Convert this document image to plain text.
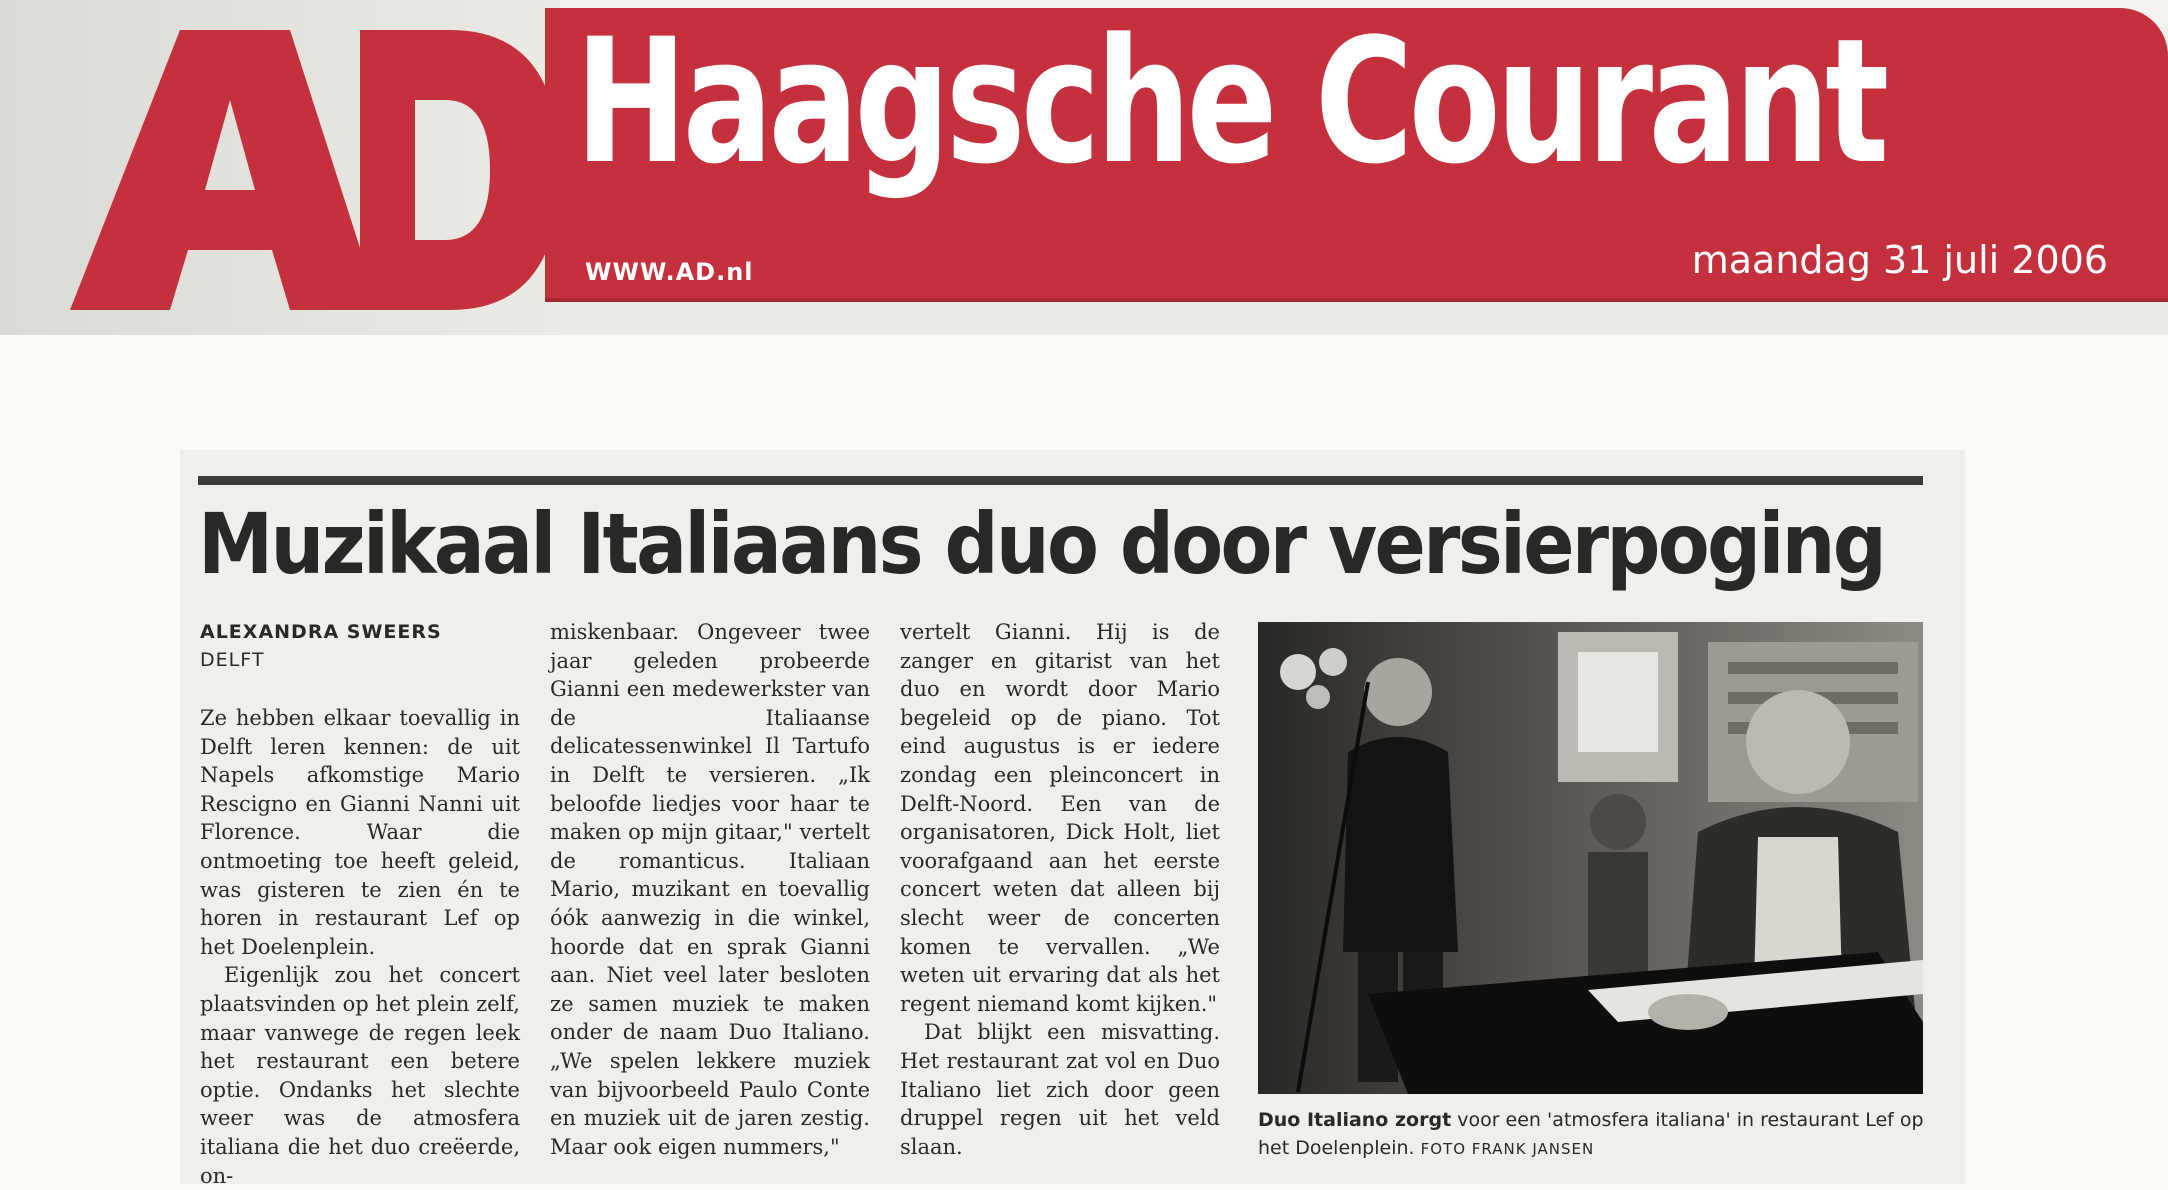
Haagsche Courant
WWW.AD.nl	maandag 31 juli 2006
Muzikaal Italiaans duo door versierpoging
ALEXANDRA SWEERS
DELFT

Ze hebben elkaar toevallig in Delft leren kennen: de uit Napels afkomstige Mario Rescigno en Gianni Nanni uit Florence. Waar die ontmoeting toe heeft geleid, was gisteren te zien én te horen in restaurant Lef op het Doelenplein.

Eigenlijk zou het concert plaatsvinden op het plein zelf, maar vanwege de regen leek het restaurant een betere optie. Ondanks het slechte weer was de atmosfera italiana die het duo creëerde, on-

miskenbaar. Ongeveer twee jaar geleden probeerde Gianni een medewerkster van de Italiaanse delicatessenwinkel Il Tartufo in Delft te versieren. „Ik beloofde liedjes voor haar te maken op mijn gitaar," vertelt de romanticus. Italiaan Mario, muzikant en toevallig óók aanwezig in die winkel, hoorde dat en sprak Gianni aan. Niet veel later besloten ze samen muziek te maken onder de naam Duo Italiano. „We spelen lekkere muziek van bijvoorbeeld Paulo Conte en muziek uit de jaren zestig. Maar ook eigen nummers,"

vertelt Gianni. Hij is de zanger en gitarist van het duo en wordt door Mario begeleid op de piano. Tot eind augustus is er iedere zondag een pleinconcert in Delft-Noord. Een van de organisatoren, Dick Holt, liet voorafgaand aan het eerste concert weten dat alleen bij slecht weer de concerten komen te vervallen. „We weten uit ervaring dat als het regent niemand komt kijken."

Dat blijkt een misvatting. Het restaurant zat vol en Duo Italiano liet zich door geen druppel regen uit het veld slaan.

Duo Italiano zorgt voor een 'atmosfera italiana' in restaurant Lef op het Doelenplein. FOTO FRANK JANSEN
